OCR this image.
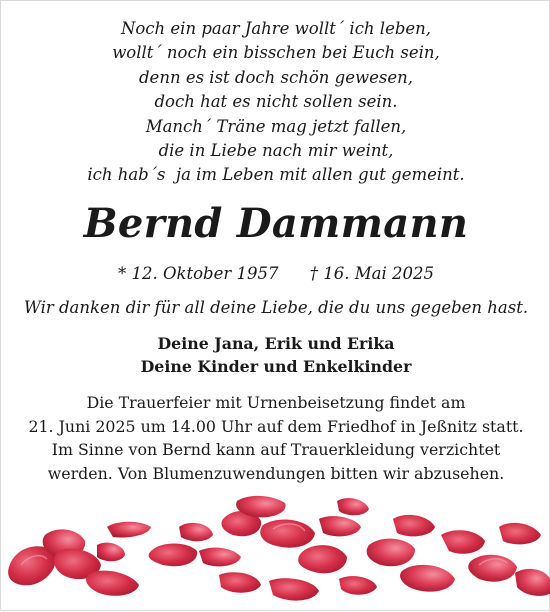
Noch ein paar Jahre wollt´ ich leben,
wollt´ noch ein bisschen bei Euch sein,
denn es ist doch schön gewesen,
doch hat es nicht sollen sein.
Manch´ Träne mag jetzt fallen,
die in Liebe nach mir weint,
ich hab´s  ja im Leben mit allen gut gemeint.
Bernd Dammann
* 12. Oktober 1957 † 16. Mai 2025
Wir danken dir für all deine Liebe, die du uns gegeben hast.
Deine Jana, Erik und Erika
Deine Kinder und Enkelkinder
Die Trauerfeier mit Urnenbeisetzung findet am
21. Juni 2025 um 14.00 Uhr auf dem Friedhof in Jeßnitz statt.
Im Sinne von Bernd kann auf Trauerkleidung verzichtet
werden. Von Blumenzuwendungen bitten wir abzusehen.
